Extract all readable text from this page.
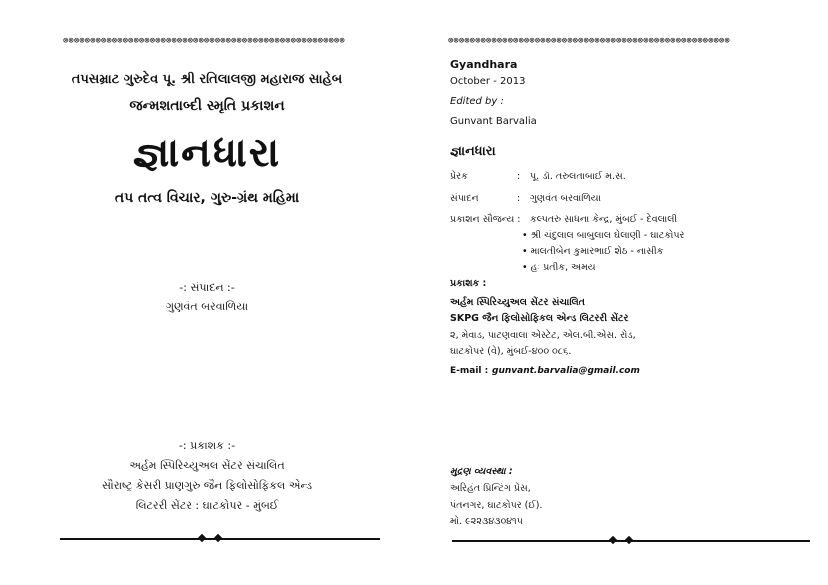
⊗⊗⊗⊗⊗⊗⊗⊗⊗⊗⊗⊗⊗⊗⊗⊗⊗⊗⊗⊗⊗⊗⊗⊗⊗⊗⊗⊗⊗⊗⊗⊗⊗⊗⊗⊗⊗⊗⊗⊗⊗⊗⊗⊗⊗⊗⊗⊗⊗⊗⊗⊗
તપસમ્રાટ ગુરુદેવ પૂ. શ્રી રતિલાલજી મહારાજ સાહેબ
જન્મશતાબ્દી સ્મૃતિ પ્રકાશન
જ્ઞાનધારા
તપ તત્વ વિચાર, ગુરુ-ગ્રંથ મહિમા
-: સંપાદન :-
ગુણવંત બરવાળિયા
-: પ્રકાશક :-
અર્હમ સ્પિરિચ્યુઅલ સેંટર સંચાલિત
સૌરાષ્ટ્ર કેસરી પ્રાણગુરુ જૈન ફિલોસોફિકલ એન્ડ
લિટરરી સેંટર : ઘાટકોપર - મુંબઈ
⊗⊗⊗⊗⊗⊗⊗⊗⊗⊗⊗⊗⊗⊗⊗⊗⊗⊗⊗⊗⊗⊗⊗⊗⊗⊗⊗⊗⊗⊗⊗⊗⊗⊗⊗⊗⊗⊗⊗⊗⊗⊗⊗⊗⊗⊗⊗⊗⊗⊗⊗⊗
Gyandhara
October - 2013
Edited by :
Gunvant Barvalia
જ્ઞાનધારા
પ્રેરક	: પૂ. ડૉ. તરુલતાબાઈ મ.સ.
સંપાદન	: ગુણવંત બરવાળિયા
પ્રકાશન સૌજન્ય : કલ્પતરુ સાધના કેન્દ્ર, મુંબઈ - દેવલાલી
• શ્રી ચંદુલાલ બાબુલાલ ઘેલાણી - ઘાટકોપર
• માલતીબેન કુમારભાઈ શેઠ - નાસીક
• હઃ પ્રતીક, અમય
પ્રકાશક :
અર્હમ સ્પિરિચ્યુઅલ સેંટર સંચાલિત
SKPG જૈન ફિલોસોફિકલ એન્ડ લિટરરી સેંટર
૨, મેવાડ, પાટણવાલા એસ્ટેટ, એલ.બી.એસ. રોડ,
ઘાટકોપર (વે), મુંબઈ-૪૦૦ ૦૮૬.
E-mail : gunvant.barvalia@gmail.com
મુદ્રણ વ્યવસ્થા :
અરિહંત પ્રિન્ટિંગ પ્રેસ,
પંતનગર, ઘાટકોપર (ઈ).
મો. ૯૨૨૩૪૩૦૪૧૫
